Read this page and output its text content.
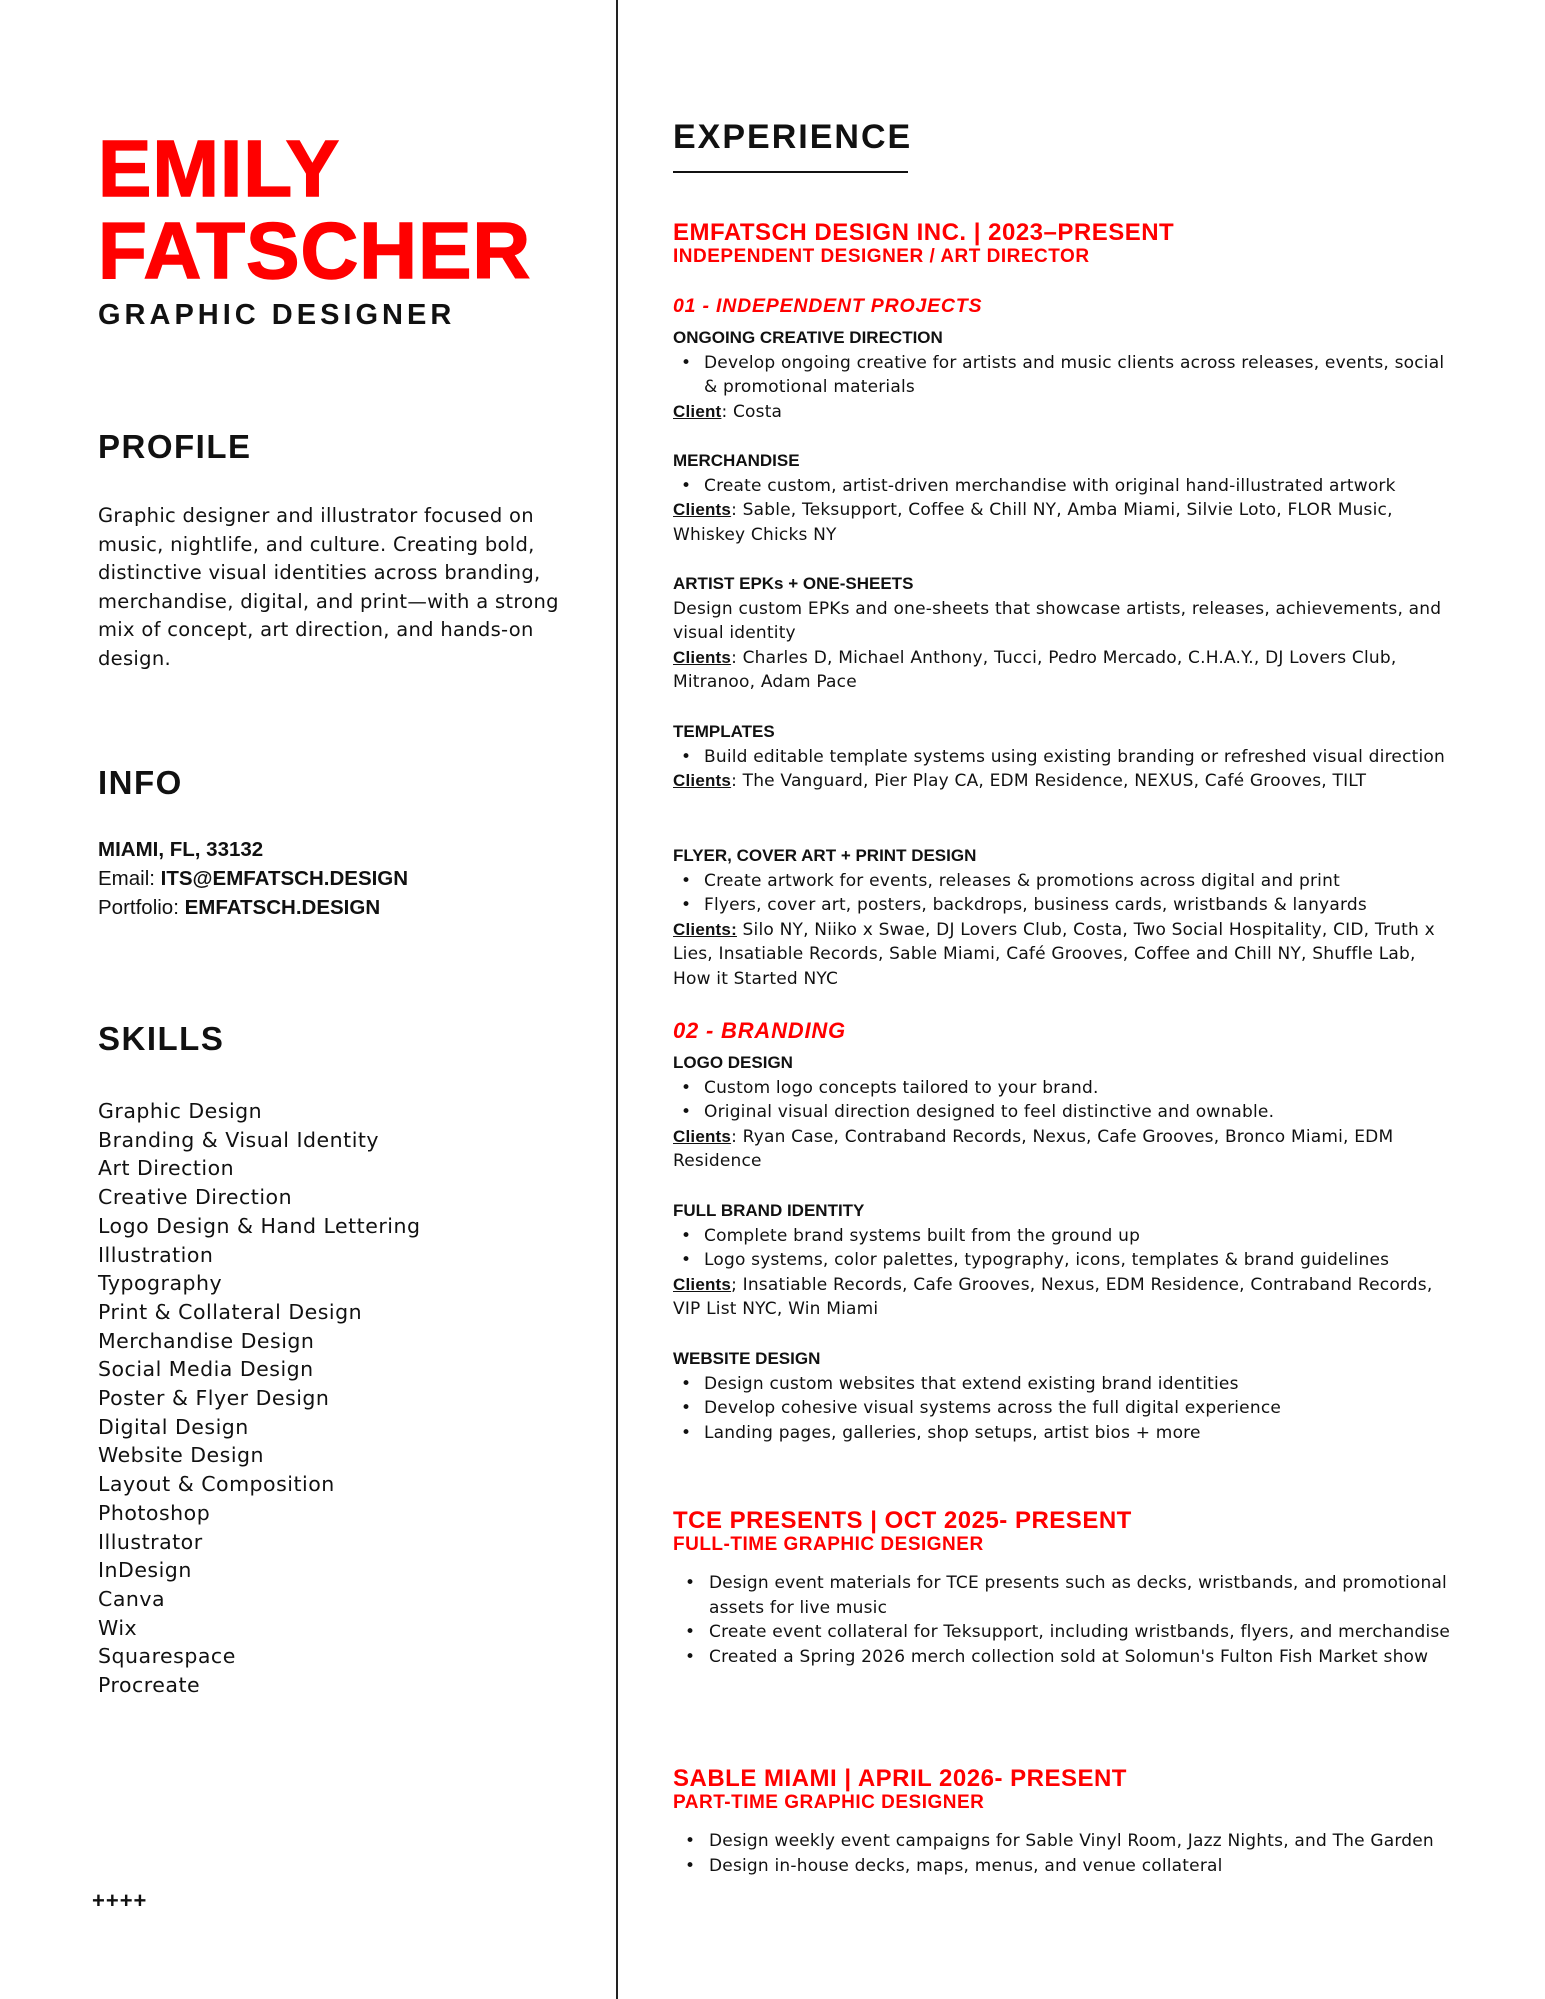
EMILY
FATSCHER
GRAPHIC DESIGNER
PROFILE

Graphic designer and illustrator focused on music, nightlife, and culture. Creating bold, distinctive visual identities across branding, merchandise, digital, and print—with a strong mix of concept, art direction, and hands-on design.

INFO
MIAMI, FL, 33132
Email: ITS@EMFATSCH.DESIGN
Portfolio: EMFATSCH.DESIGN
SKILLS
Graphic Design
Branding & Visual Identity
Art Direction
Creative Direction
Logo Design & Hand Lettering
Illustration
Typography
Print & Collateral Design
Merchandise Design
Social Media Design
Poster & Flyer Design
Digital Design
Website Design
Layout & Composition
Photoshop
Illustrator
InDesign
Canva
Wix
Squarespace
Procreate
++++
EXPERIENCE
EMFATSCH DESIGN INC. | 2023–PRESENT
INDEPENDENT DESIGNER / ART DIRECTOR
01 - INDEPENDENT PROJECTS
ONGOING CREATIVE DIRECTION
• Develop ongoing creative for artists and music clients across releases, events, social & promotional materials

Client: Costa

MERCHANDISE
• Create custom, artist-driven merchandise with original hand-illustrated artwork

Clients: Sable, Teksupport, Coffee & Chill NY, Amba Miami, Silvie Loto, FLOR Music, Whiskey Chicks NY

ARTIST EPKs + ONE-SHEETS

Design custom EPKs and one-sheets that showcase artists, releases, achievements, and visual identity

Clients: Charles D, Michael Anthony, Tucci, Pedro Mercado, C.H.A.Y., DJ Lovers Club, Mitranoo, Adam Pace

TEMPLATES
• Build editable template systems using existing branding or refreshed visual direction

Clients: The Vanguard, Pier Play CA, EDM Residence, NEXUS, Café Grooves, TILT

FLYER, COVER ART + PRINT DESIGN
• Create artwork for events, releases & promotions across digital and print
• Flyers, cover art, posters, backdrops, business cards, wristbands & lanyards

Clients: Silo NY, Niiko x Swae, DJ Lovers Club, Costa, Two Social Hospitality, CID, Truth x Lies, Insatiable Records, Sable Miami, Café Grooves, Coffee and Chill NY, Shuffle Lab, How it Started NYC

02 - BRANDING
LOGO DESIGN
• Custom logo concepts tailored to your brand.
• Original visual direction designed to feel distinctive and ownable.

Clients: Ryan Case, Contraband Records, Nexus, Cafe Grooves, Bronco Miami, EDM Residence

FULL BRAND IDENTITY
• Complete brand systems built from the ground up
• Logo systems, color palettes, typography, icons, templates & brand guidelines

Clients; Insatiable Records, Cafe Grooves, Nexus, EDM Residence, Contraband Records, VIP List NYC, Win Miami

WEBSITE DESIGN
• Design custom websites that extend existing brand identities
• Develop cohesive visual systems across the full digital experience
• Landing pages, galleries, shop setups, artist bios + more
TCE PRESENTS | OCT 2025- PRESENT
FULL-TIME GRAPHIC DESIGNER
• Design event materials for TCE presents such as decks, wristbands, and promotional assets for live music
• Create event collateral for Teksupport, including wristbands, flyers, and merchandise
• Created a Spring 2026 merch collection sold at Solomun's Fulton Fish Market show
SABLE MIAMI | APRIL 2026- PRESENT
PART-TIME GRAPHIC DESIGNER
• Design weekly event campaigns for Sable Vinyl Room, Jazz Nights, and The Garden
• Design in-house decks, maps, menus, and venue collateral
